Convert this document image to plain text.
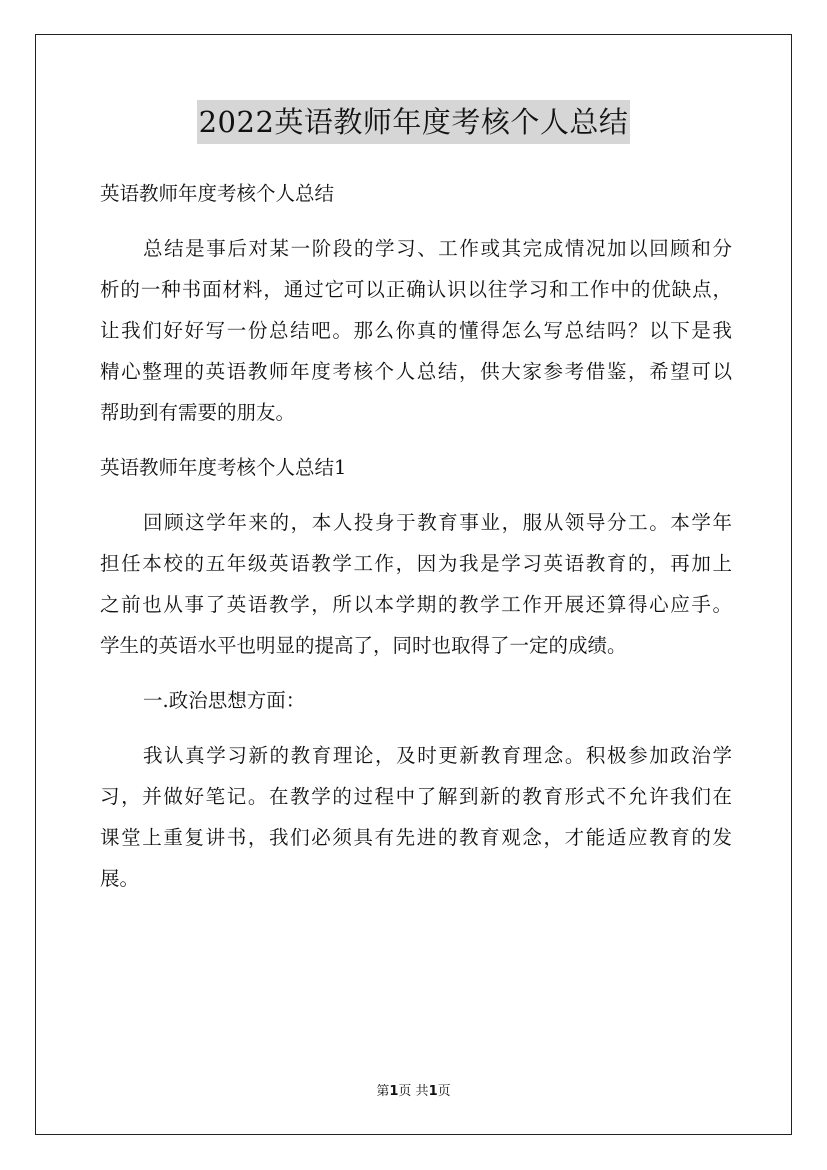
2022英语教师年度考核个人总结
英语教师年度考核个人总结
总结是事后对某一阶段的学习、工作或其完成情况加以回顾和分
析的一种书面材料，通过它可以正确认识以往学习和工作中的优缺点，
让我们好好写一份总结吧。那么你真的懂得怎么写总结吗？以下是我
精心整理的英语教师年度考核个人总结，供大家参考借鉴，希望可以
帮助到有需要的朋友。
英语教师年度考核个人总结1
回顾这学年来的，本人投身于教育事业，服从领导分工。本学年
担任本校的五年级英语教学工作，因为我是学习英语教育的，再加上
之前也从事了英语教学，所以本学期的教学工作开展还算得心应手。
学生的英语水平也明显的提高了，同时也取得了一定的成绩。
一.政治思想方面：
我认真学习新的教育理论，及时更新教育理念。积极参加政治学
习，并做好笔记。在教学的过程中了解到新的教育形式不允许我们在
课堂上重复讲书，我们必须具有先进的教育观念，才能适应教育的发
展。
第1页 共1页
